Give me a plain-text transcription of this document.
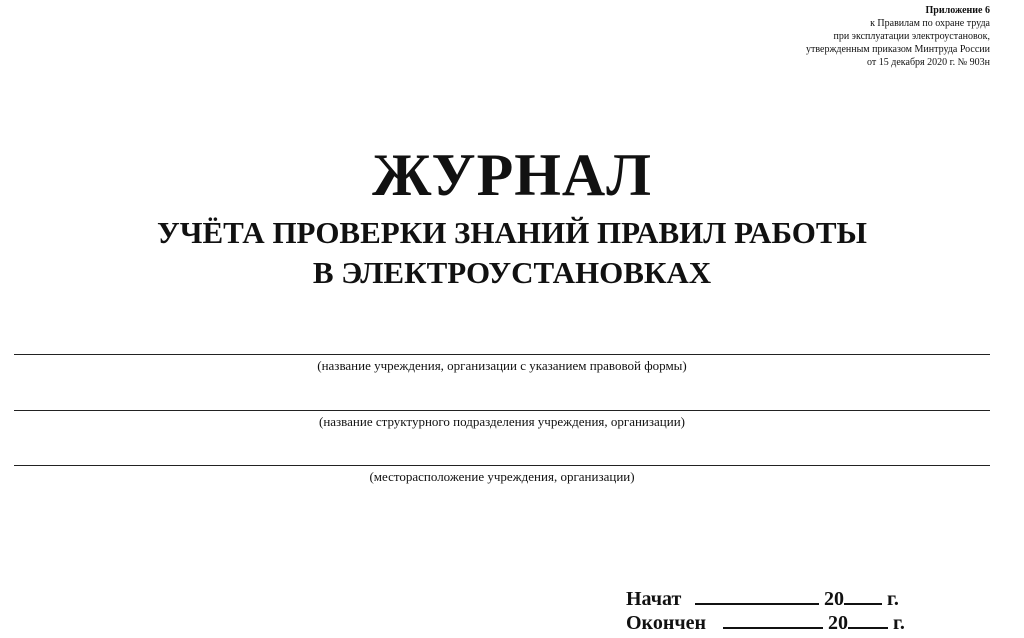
Приложение 6
к Правилам по охране труда
при эксплуатации электроустановок,
утвержденным приказом Минтруда России
от 15 декабря 2020 г. № 903н
ЖУРНАЛ
УЧЁТА ПРОВЕРКИ ЗНАНИЙ ПРАВИЛ РАБОТЫ
В ЭЛЕКТРОУСТАНОВКАХ
(название учреждения, организации с указанием правовой формы)
(название структурного подразделения учреждения, организации)
(месторасположение учреждения, организации)
Начат	20 г.
Окончен	20 г.
